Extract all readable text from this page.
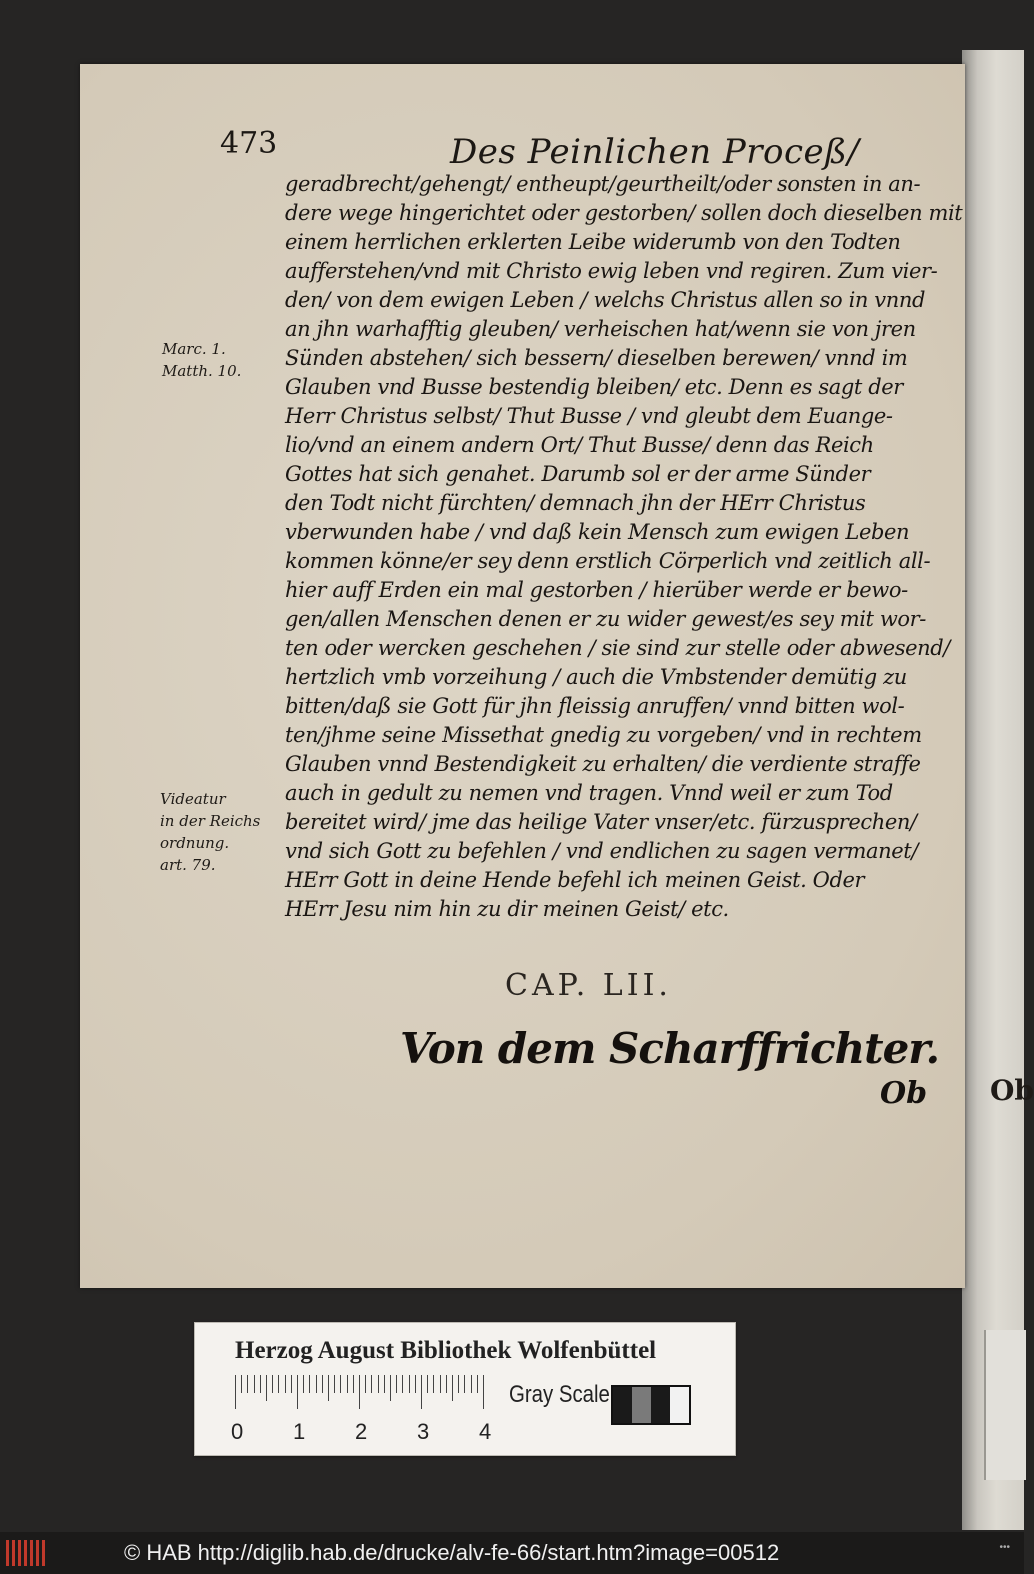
Ob
473	Des Peinlichen Proceß/
geradbrecht/gehengt/ entheupt/geurtheilt/oder sonsten in an-
dere wege hingerichtet oder gestorben/ sollen doch dieselben mit
einem herrlichen erklerten Leibe widerumb von den Todten
aufferstehen/vnd mit Christo ewig leben vnd regiren. Zum vier-
den/ von dem ewigen Leben / welchs Christus allen so in vnnd
an jhn warhafftig gleuben/ verheischen hat/wenn sie von jren
Sünden abstehen/ sich bessern/ dieselben berewen/ vnnd im
Glauben vnd Busse bestendig bleiben/ etc. Denn es sagt der
Herr Christus selbst/ Thut Busse / vnd gleubt dem Euange-
lio/vnd an einem andern Ort/ Thut Busse/ denn das Reich
Gottes hat sich genahet. Darumb sol er der arme Sünder
den Todt nicht fürchten/ demnach jhn der HErr Christus
vberwunden habe / vnd daß kein Mensch zum ewigen Leben
kommen könne/er sey denn erstlich Cörperlich vnd zeitlich all-
hier auff Erden ein mal gestorben / hierüber werde er bewo-
gen/allen Menschen denen er zu wider gewest/es sey mit wor-
ten oder wercken geschehen / sie sind zur stelle oder abwesend/
hertzlich vmb vorzeihung / auch die Vmbstender demütig zu
bitten/daß sie Gott für jhn fleissig anruffen/ vnnd bitten wol-
ten/jhme seine Missethat gnedig zu vorgeben/ vnd in rechtem
Glauben vnnd Bestendigkeit zu erhalten/ die verdiente straffe
auch in gedult zu nemen vnd tragen. Vnnd weil er zum Tod
bereitet wird/ jme das heilige Vater vnser/etc. fürzusprechen/
vnd sich Gott zu befehlen / vnd endlichen zu sagen vermanet/
HErr Gott in deine Hende befehl ich meinen Geist. Oder
HErr Jesu nim hin zu dir meinen Geist/ etc.
Marc. 1.
Matth. 10.
Videatur
in der Reichs
ordnung.
art. 79.
CAP. LII.
Von dem Scharffrichter.
Ob
Herzog August Bibliothek Wolfenbüttel
0 1 2 3 4
Gray Scale
© HAB http://diglib.hab.de/drucke/alv-fe-66/start.htm?image=00512	•••
